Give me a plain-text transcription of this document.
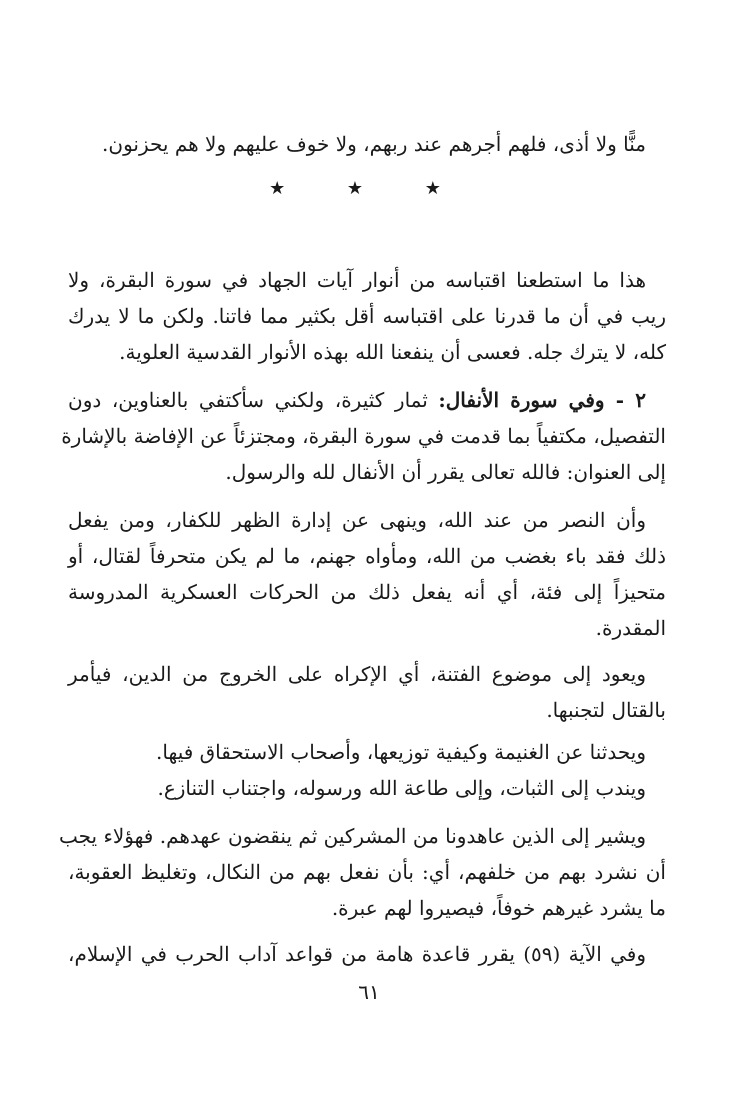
منًّا ولا أذى، فلهم أجرهم عند ربهم، ولا خوف عليهم ولا هم يحزنون.
★ ★ ★
هذا ما استطعنا اقتباسه من أنوار آيات الجهاد في سورة البقرة، ولا
ريب في أن ما قدرنا على اقتباسه أقل بكثير مما فاتنا. ولكن ما لا يدرك
كله، لا يترك جله. فعسى أن ينفعنا الله بهذه الأنوار القدسية العلوية.
٢ - وفي سورة الأنفال: ثمار كثيرة، ولكني سأكتفي بالعناوين، دون
التفصيل، مكتفياً بما قدمت في سورة البقرة، ومجتزئاً عن الإفاضة بالإشارة
إلى العنوان: فالله تعالى يقرر أن الأنفال لله والرسول.
وأن النصر من عند الله، وينهى عن إدارة الظهر للكفار، ومن يفعل
ذلك فقد باء بغضب من الله، ومأواه جهنم، ما لم يكن متحرفاً لقتال، أو
متحيزاً إلى فئة، أي أنه يفعل ذلك من الحركات العسكرية المدروسة
المقدرة.
ويعود إلى موضوع الفتنة، أي الإكراه على الخروج من الدين، فيأمر
بالقتال لتجنبها.
ويحدثنا عن الغنيمة وكيفية توزيعها، وأصحاب الاستحقاق فيها.
ويندب إلى الثبات، وإلى طاعة الله ورسوله، واجتناب التنازع.
ويشير إلى الذين عاهدونا من المشركين ثم ينقضون عهدهم. فهؤلاء يجب
أن نشرد بهم من خلفهم، أي: بأن نفعل بهم من النكال، وتغليظ العقوبة،
ما يشرد غيرهم خوفاً، فيصيروا لهم عبرة.
وفي الآية (٥٩) يقرر قاعدة هامة من قواعد آداب الحرب في الإسلام،
٦١
